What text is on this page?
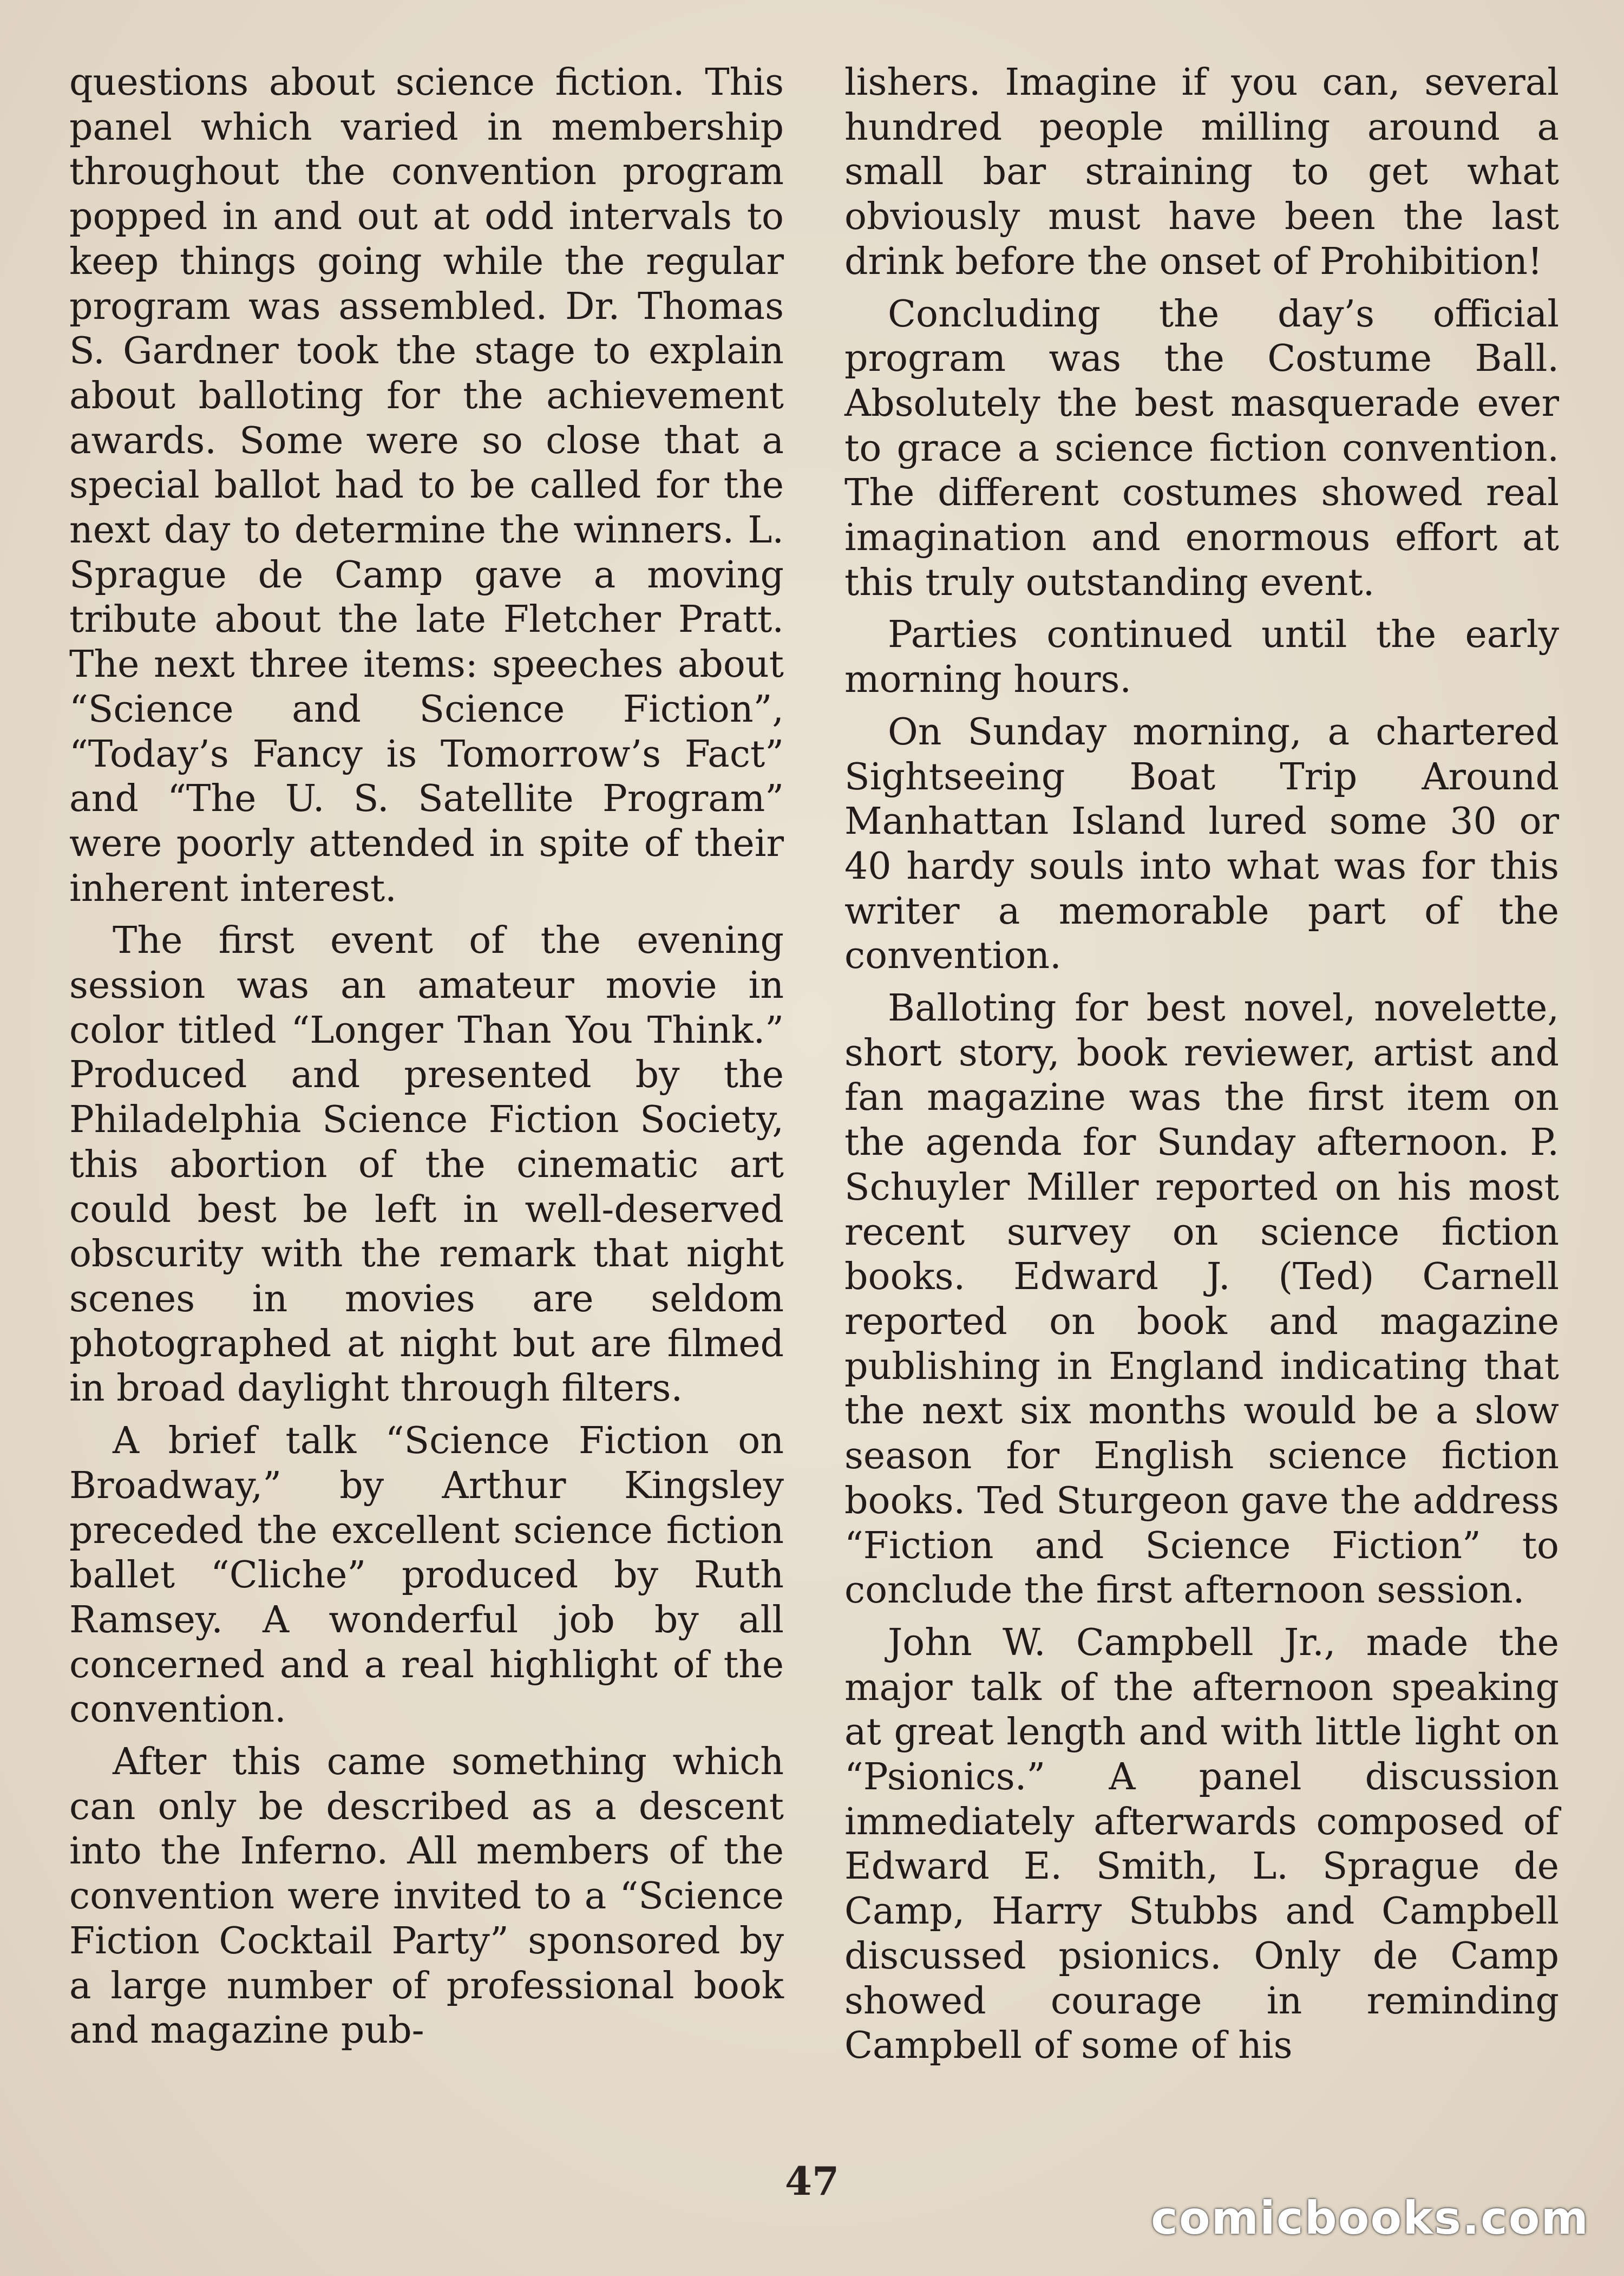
questions about science fiction. This panel which varied in membership throughout the convention program popped in and out at odd intervals to keep things going while the regular program was assembled. Dr. Thomas S. Gardner took the stage to explain about balloting for the achievement awards. Some were so close that a special ballot had to be called for the next day to determine the winners. L. Sprague de Camp gave a moving tribute about the late Fletcher Pratt. The next three items: speeches about “Science and Science Fiction”, “Today’s Fancy is Tomorrow’s Fact” and “The U. S. Satellite Program” were poorly attended in spite of their inherent interest.

The first event of the evening session was an amateur movie in color titled “Longer Than You Think.” Produced and presented by the Philadelphia Science Fiction Society, this abortion of the cinematic art could best be left in well-deserved obscurity with the remark that night scenes in movies are seldom photographed at night but are filmed in broad daylight through filters.

A brief talk “Science Fiction on Broadway,” by Arthur Kingsley preceded the excellent science fiction ballet “Cliche” produced by Ruth Ramsey. A wonderful job by all concerned and a real highlight of the convention.

After this came something which can only be described as a descent into the Inferno. All members of the convention were invited to a “Science Fiction Cocktail Party” sponsored by a large number of professional book and magazine pub-

lishers. Imagine if you can, several hundred people milling around a small bar straining to get what obviously must have been the last drink before the onset of Prohibition!

Concluding the day’s official program was the Costume Ball. Absolutely the best masquerade ever to grace a science fiction convention. The different costumes showed real imagination and enormous effort at this truly outstanding event.

Parties continued until the early morning hours.

On Sunday morning, a chartered Sightseeing Boat Trip Around Manhattan Island lured some 30 or 40 hardy souls into what was for this writer a memorable part of the convention.

Balloting for best novel, novelette, short story, book reviewer, artist and fan magazine was the first item on the agenda for Sunday afternoon. P. Schuyler Miller reported on his most recent survey on science fiction books. Edward J. (Ted) Carnell reported on book and magazine publishing in England indicating that the next six months would be a slow season for English science fiction books. Ted Sturgeon gave the address “Fiction and Science Fiction” to conclude the first afternoon session.

John W. Campbell Jr., made the major talk of the afternoon speaking at great length and with little light on “Psionics.” A panel discussion immediately afterwards composed of Edward E. Smith, L. Sprague de Camp, Harry Stubbs and Campbell discussed psionics. Only de Camp showed courage in reminding Campbell of some of his

47
comicbooks.com
